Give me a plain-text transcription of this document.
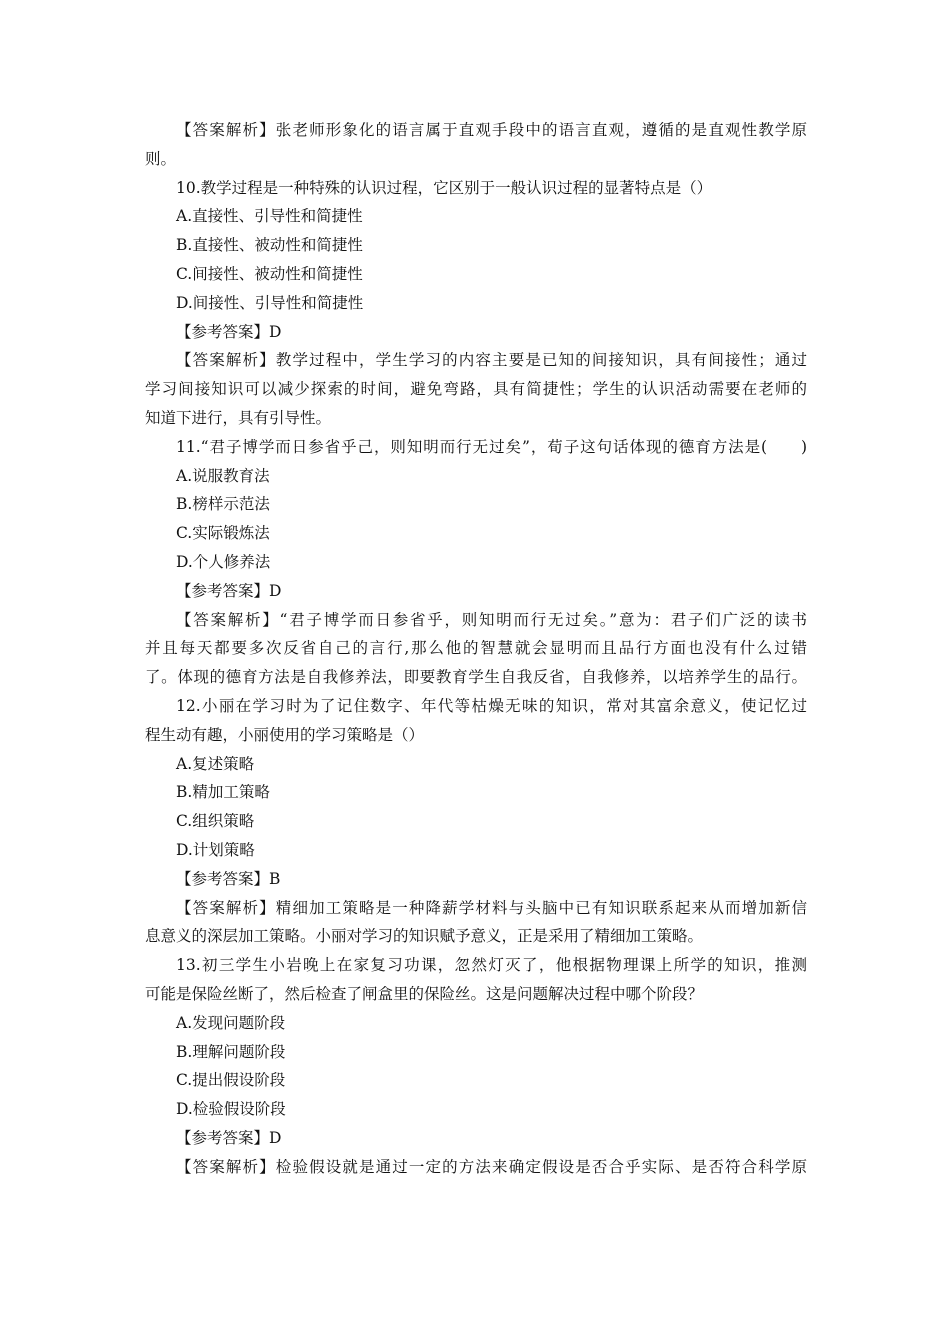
【答案解析】张老师形象化的语言属于直观手段中的语言直观，遵循的是直观性教学原

则。

10.教学过程是一种特殊的认识过程，它区别于一般认识过程的显著特点是（）

A.直接性、引导性和简捷性

B.直接性、被动性和简捷性

C.间接性、被动性和简捷性

D.间接性、引导性和简捷性

【参考答案】D

【答案解析】教学过程中，学生学习的内容主要是已知的间接知识，具有间接性；通过

学习间接知识可以减少探索的时间，避免弯路，具有简捷性；学生的认识活动需要在老师的

知道下进行，具有引导性。

11.“君子博学而日参省乎己，则知明而行无过矣”，荀子这句话体现的德育方法是(　　)

A.说服教育法

B.榜样示范法

C.实际锻炼法

D.个人修养法

【参考答案】D

【答案解析】“君子博学而日参省乎，则知明而行无过矣。”意为：君子们广泛的读书

并且每天都要多次反省自己的言行,那么他的智慧就会显明而且品行方面也没有什么过错

了。体现的德育方法是自我修养法，即要教育学生自我反省，自我修养，以培养学生的品行。

12.小丽在学习时为了记住数字、年代等枯燥无味的知识，常对其富余意义，使记忆过

程生动有趣，小丽使用的学习策略是（）

A.复述策略

B.精加工策略

C.组织策略

D.计划策略

【参考答案】B

【答案解析】精细加工策略是一种降薪学材料与头脑中已有知识联系起来从而增加新信

息意义的深层加工策略。小丽对学习的知识赋予意义，正是采用了精细加工策略。

13.初三学生小岩晚上在家复习功课，忽然灯灭了，他根据物理课上所学的知识，推测

可能是保险丝断了，然后检查了闸盒里的保险丝。这是问题解决过程中哪个阶段？

A.发现问题阶段

B.理解问题阶段

C.提出假设阶段

D.检验假设阶段

【参考答案】D

【答案解析】检验假设就是通过一定的方法来确定假设是否合乎实际、是否符合科学原
